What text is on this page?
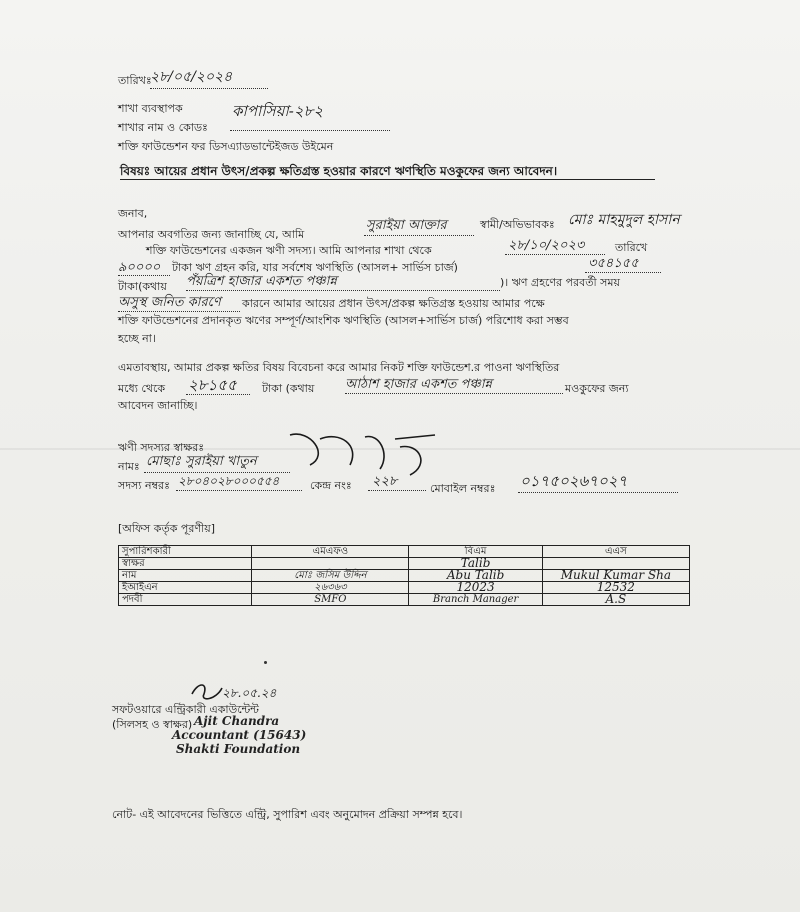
তারিখঃ
২৮/০৫/২০২৪
শাখা ব্যবস্থাপক
শাখার নাম ও কোডঃ
কাপাসিয়া-২৮২
শক্তি ফাউন্ডেশন ফর ডিসএ্যাডভান্টেইজড উইমেন
বিষয়ঃ আয়ের প্রধান উৎস/প্রকল্প ক্ষতিগ্রস্ত হওয়ার কারণে ঋণস্থিতি মওকুফের জন্য আবেদন।
জনাব,
আপনার অবগতির জন্য জানাচ্ছি যে, আমি
সুরাইয়া আক্তার	স্বামী/অভিভাবকঃ মোঃ মাহমুদুল হাসান
শক্তি ফাউন্ডেশনের একজন ঋণী সদস্য। আমি আপনার শাখা থেকে	২৮/১০/২০২৩	তারিখে
৯০০০০ টাকা ঋণ গ্রহন করি, যার সর্বশেষ ঋণস্থিতি (আসল+ সার্ভিস চার্জ)	৩৫৪১৫৫
টাকা(কথায় পঁয়ত্রিশ হাজার একশত পঞ্চান্ন	)। ঋণ গ্রহণের পরবর্তী সময়
অসুস্থ জনিত কারণে কারনে আমার আয়ের প্রধান উৎস/প্রকল্প ক্ষতিগ্রস্ত হওয়ায় আমার পক্ষে
শক্তি ফাউন্ডেশনের প্রদানকৃত ঋণের সম্পূর্ণ/আংশিক ঋণস্থিতি (আসল+সার্ভিস চার্জ) পরিশোধ করা সম্ভব
হচ্ছে না।
এমতাবস্থায়, আমার প্রকল্প ক্ষতির বিষয় বিবেচনা করে আমার নিকট শক্তি ফাউন্ডেশ.র পাওনা ঋণস্থিতির
মধ্যে থেকে ২৮১৫৫ টাকা (কথায় আঠাশ হাজার একশত পঞ্চান্ন	মওকুফের জন্য
আবেদন জানাচ্ছি।
ঋণী সদস্যর স্বাক্ষরঃ
নামঃ মোছাঃ সুরাইয়া খাতুন
সদস্য নম্বরঃ ২৮০৪০২৮০০০৫৫৪	কেন্দ্র নংঃ ২২৮	মোবাইল নম্বরঃ ০১৭৫০২৬৭০২৭
[অফিস কর্তৃক পূরণীয়]
সুপারিশকারী	এমএফও	বিএম	এএস
স্বাক্ষর		Talib	
নাম	মোঃ জসিম উদ্দিন	Abu Talib	Mukul Kumar Sha
ইআইএন	২৬৩৬৩	12023	12532
পদবী	SMFO	Branch Manager	A.S
২৮.০৫.২৪
সফটওয়ারে এন্ট্রিকারী একাউন্টেন্ট
(সিলসহ ও স্বাক্ষর) Ajit Chandra
Accountant (15643)
Shakti Foundation
নোট- এই আবেদনের ভিত্তিতে এন্ট্রি, সুপারিশ এবং অনুমোদন প্রক্রিয়া সম্পন্ন হবে।
